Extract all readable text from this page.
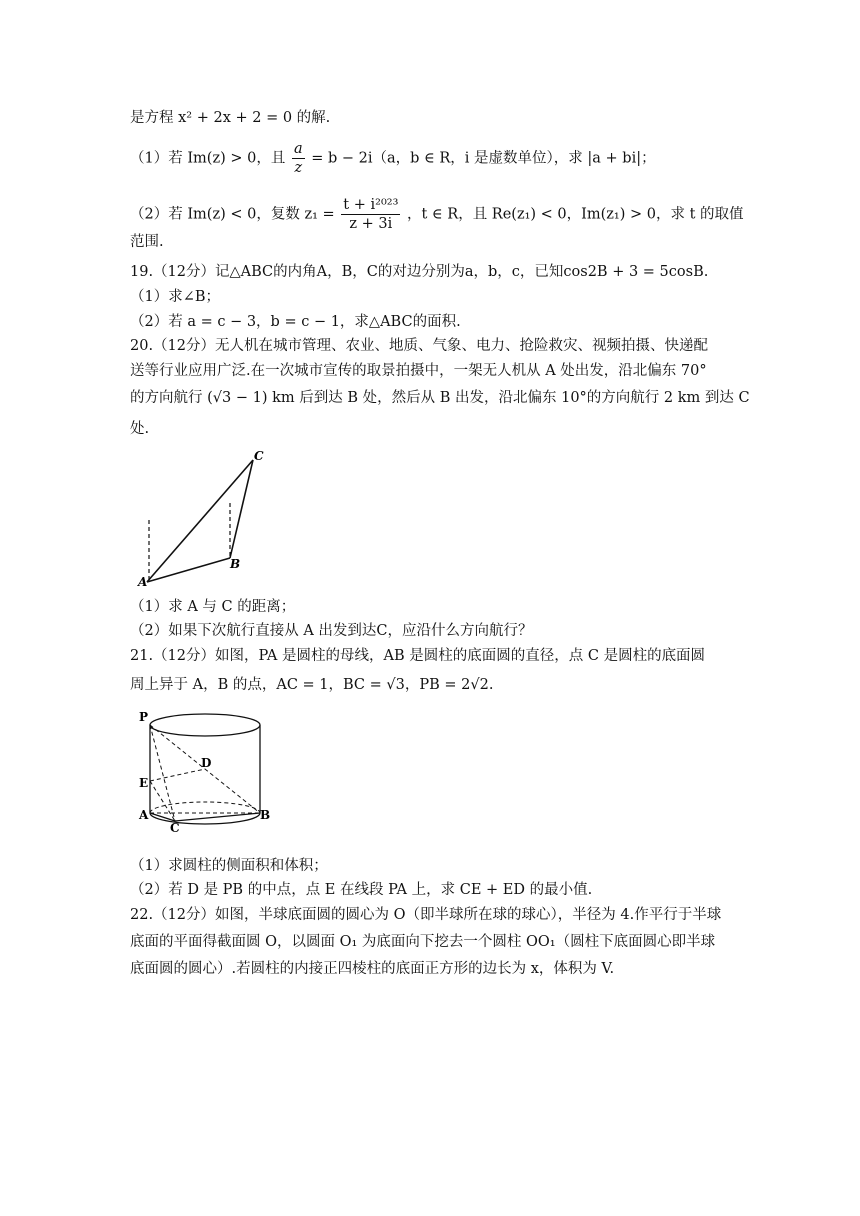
是方程 x² + 2x + 2 = 0 的解.
（1）若 Im(z) > 0，且 $\frac{a}{z} = b - 2i(a$，b ∈ R，i 是虚数单位），求 |a + bi|；
（2）若 Im(z) < 0，复数 $z_1 = \frac{\text{t + i²⁰²³}}{z + 3i}$ ，t ∈ R，且 Re(z₁) < 0，Im(z₁) > 0，求 t 的取值
范围.
19.（12分）记△ABC的内角A，B，C的对边分别为a，b，c，已知cos2B + 3 = 5cosB.
（1）求∠B；
（2）若 a = c − 3，b = c − 1，求△ABC的面积.
20.（12分）无人机在城市管理、农业、地质、气象、电力、抢险救灾、视频拍摄、快递配
送等行业应用广泛.在一次城市宣传的取景拍摄中，一架无人机从 A 处出发，沿北偏东 70°
的方向航行 (√3 − 1) km 后到达 B 处，然后从 B 出发，沿北偏东 10°的方向航行 2 km 到达 C
处.
A
B
C
（1）求 A 与 C 的距离；
（2）如果下次航行直接从 A 出发到达C，应沿什么方向航行？
21.（12分）如图，PA 是圆柱的母线，AB 是圆柱的底面圆的直径，点 C 是圆柱的底面圆
周上异于 A，B 的点，AC = 1，BC = √3，PB = 2√2.
P
D
E
A	B
C
（1）求圆柱的侧面积和体积；
（2）若 D 是 PB 的中点，点 E 在线段 PA 上，求 CE + ED 的最小值.
22.（12分）如图，半球底面圆的圆心为 O（即半球所在球的球心），半径为 4.作平行于半球
底面的平面得截面圆 O，以圆面 O₁ 为底面向下挖去一个圆柱 OO₁（圆柱下底面圆心即半球
底面圆的圆心）.若圆柱的内接正四棱柱的底面正方形的边长为 x，体积为 V.
